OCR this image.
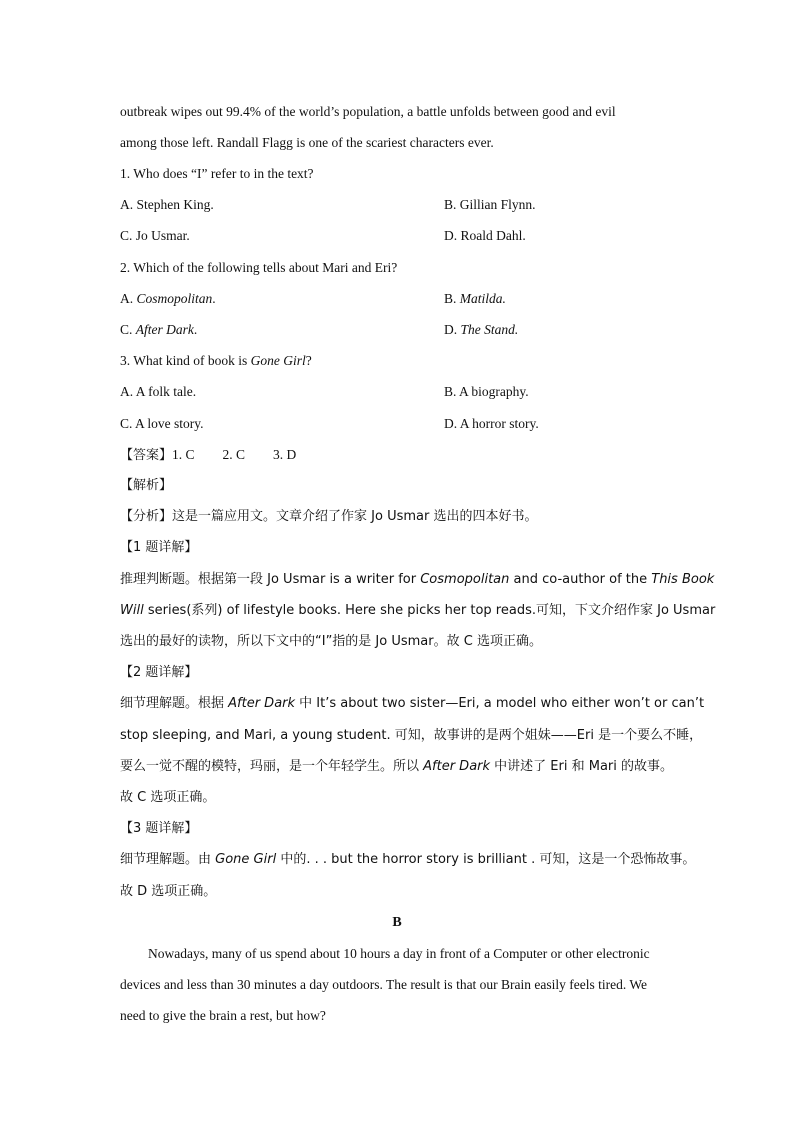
outbreak wipes out 99.4% of the world’s population, a battle unfolds between good and evil
among those left. Randall Flagg is one of the scariest characters ever.
1. Who does “I” refer to in the text?
A. Stephen King.	B. Gillian Flynn.
C. Jo Usmar.	D. Roald Dahl.
2. Which of the following tells about Mari and Eri?
A. Cosmopolitan.	B. Matilda.
C. After Dark.	D. The Stand.
3. What kind of book is Gone Girl?
A. A folk tale.	B. A biography.
C. A love story.	D. A horror story.
【答案】1. C 2. C 3. D
【解析】
【分析】这是一篇应用文。文章介绍了作家 Jo Usmar 选出的四本好书。
【1 题详解】
推理判断题。根据第一段 Jo Usmar is a writer for Cosmopolitan and co-author of the This Book
Will series(系列) of lifestyle books. Here she picks her top reads.可知，下文介绍作家 Jo Usmar
选出的最好的读物，所以下文中的“I”指的是 Jo Usmar。故 C 选项正确。
【2 题详解】
细节理解题。根据 After Dark 中 It’s about two sister—Eri, a model who either won’t or can’t
stop sleeping, and Mari, a young student. 可知，故事讲的是两个姐妹——Eri 是一个要么不睡，
要么一觉不醒的模特，玛丽，是一个年轻学生。所以 After Dark 中讲述了 Eri 和 Mari 的故事。
故 C 选项正确。
【3 题详解】
细节理解题。由 Gone Girl 中的. . . but the horror story is brilliant . 可知，这是一个恐怖故事。
故 D 选项正确。
B
Nowadays, many of us spend about 10 hours a day in front of a Computer or other electronic
devices and less than 30 minutes a day outdoors. The result is that our Brain easily feels tired. We
need to give the brain a rest, but how?
